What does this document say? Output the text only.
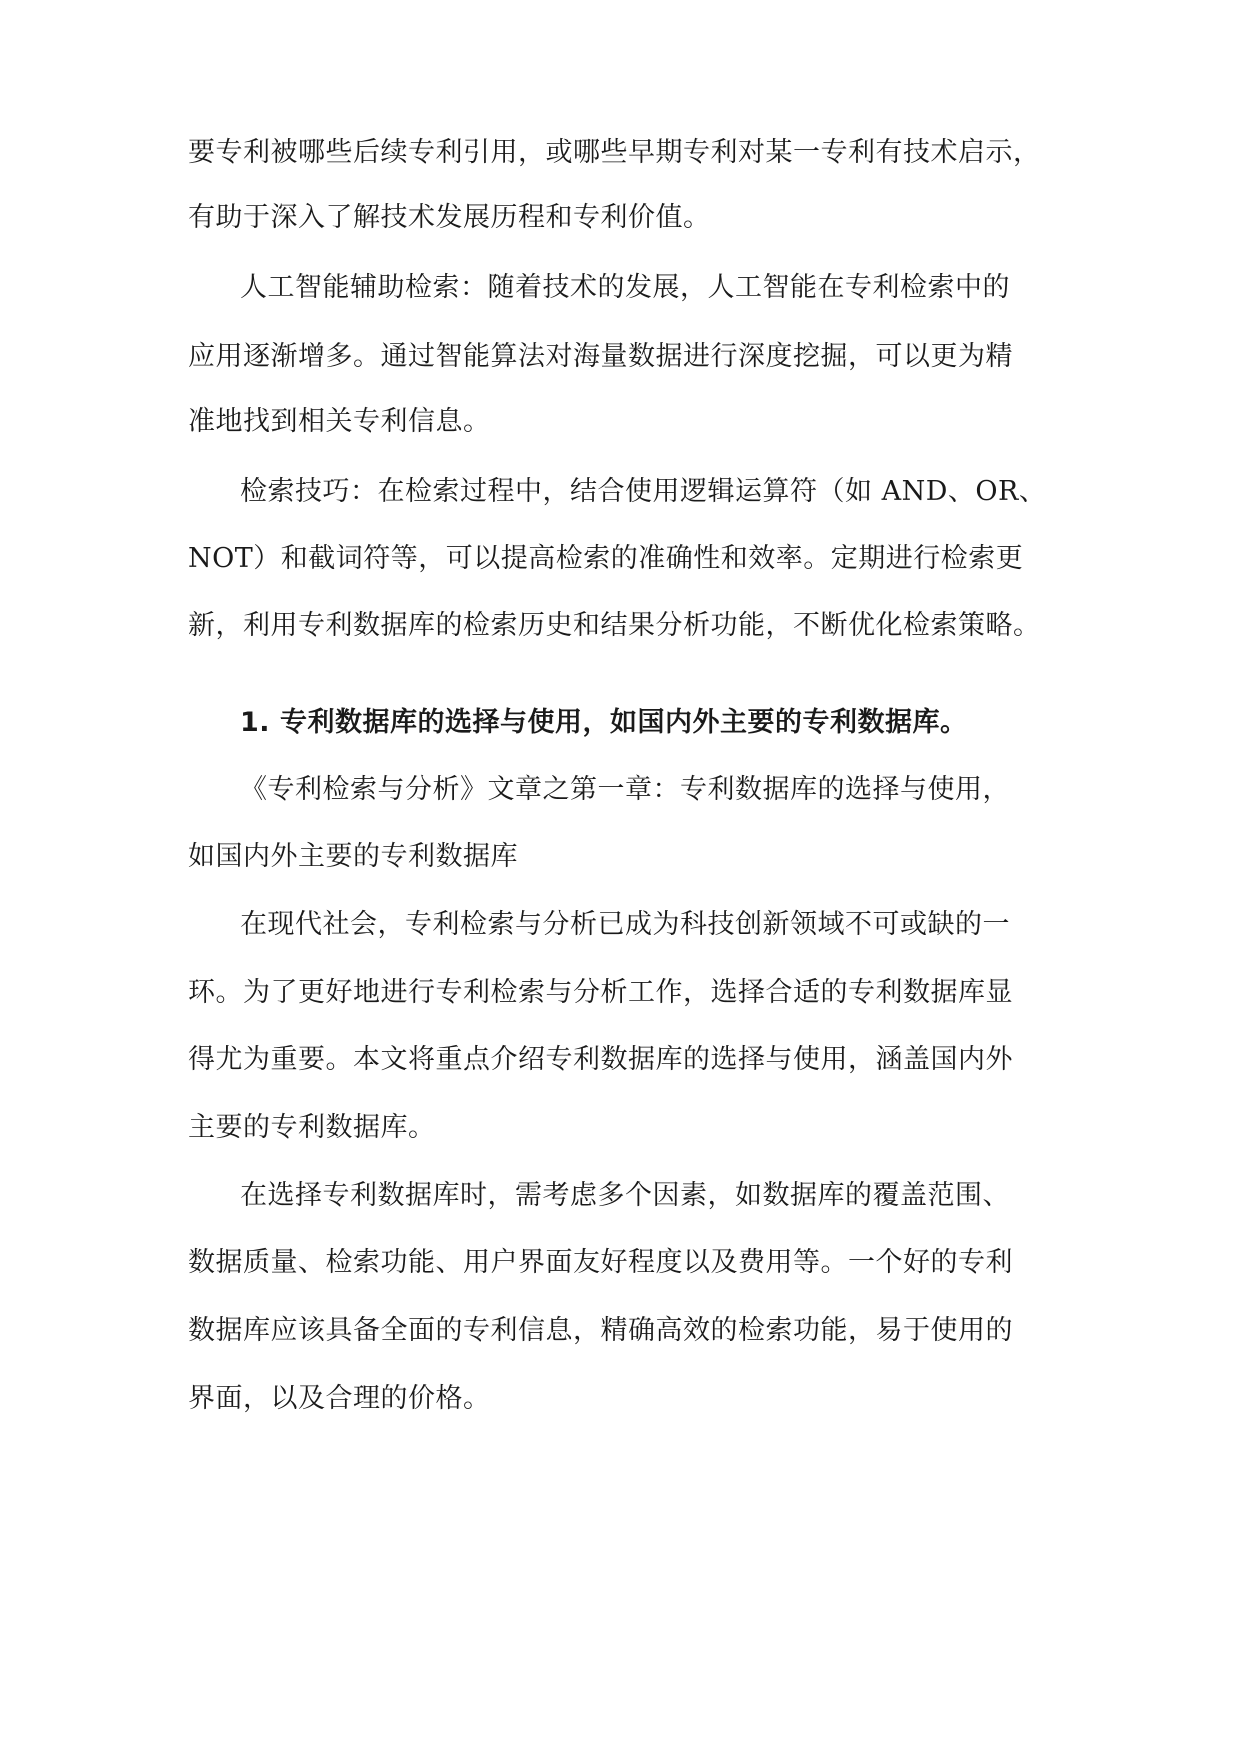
要专利被哪些后续专利引用，或哪些早期专利对某一专利有技术启示，
有助于深入了解技术发展历程和专利价值。
人工智能辅助检索：随着技术的发展，人工智能在专利检索中的
应用逐渐增多。通过智能算法对海量数据进行深度挖掘，可以更为精
准地找到相关专利信息。
检索技巧：在检索过程中，结合使用逻辑运算符（如 AND、OR、
NOT）和截词符等，可以提高检索的准确性和效率。定期进行检索更
新，利用专利数据库的检索历史和结果分析功能，不断优化检索策略。
1. 专利数据库的选择与使用，如国内外主要的专利数据库。
《专利检索与分析》文章之第一章：专利数据库的选择与使用，
如国内外主要的专利数据库
在现代社会，专利检索与分析已成为科技创新领域不可或缺的一
环。为了更好地进行专利检索与分析工作，选择合适的专利数据库显
得尤为重要。本文将重点介绍专利数据库的选择与使用，涵盖国内外
主要的专利数据库。
在选择专利数据库时，需考虑多个因素，如数据库的覆盖范围、
数据质量、检索功能、用户界面友好程度以及费用等。一个好的专利
数据库应该具备全面的专利信息，精确高效的检索功能，易于使用的
界面，以及合理的价格。
